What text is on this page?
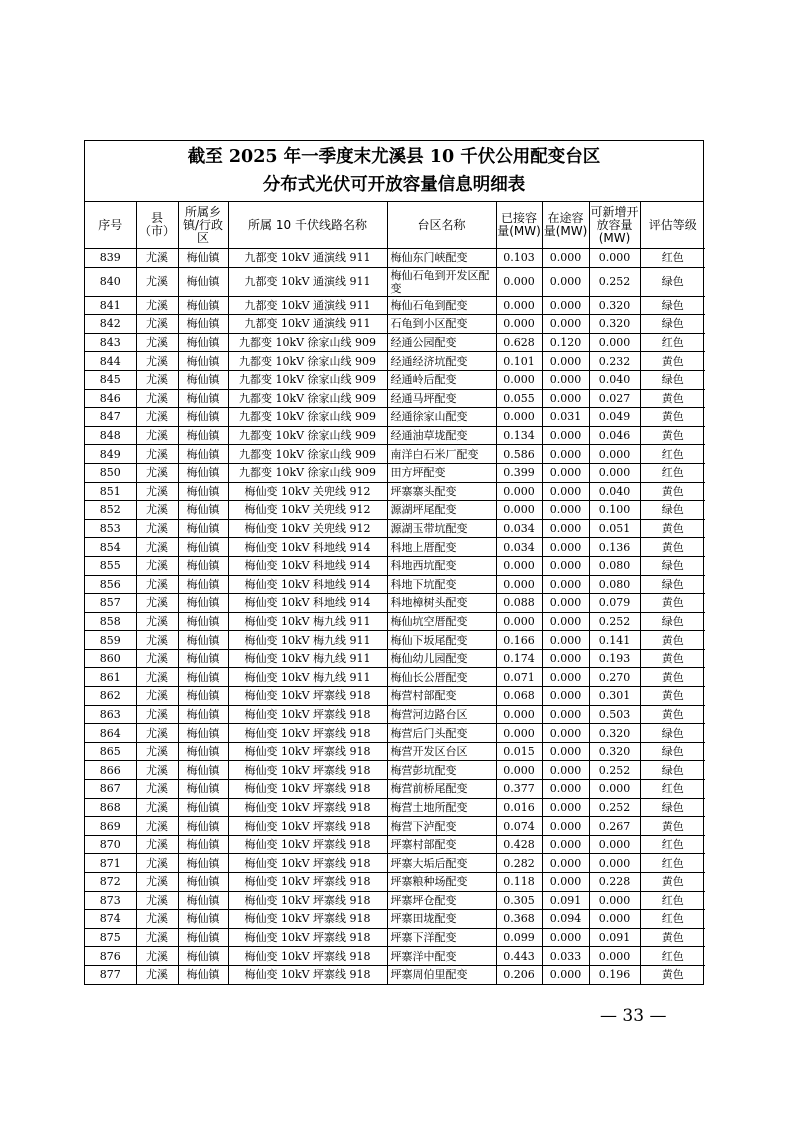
截至 2025 年一季度末尤溪县 10 千伏公用配变台区
分布式光伏可开放容量信息明细表
序号	县（市）	所属乡镇/行政区	所属 10 千伏线路名称	台区名称	已接容量(MW)	在途容量(MW)	可新增开放容量(MW)	评估等级
839	尤溪	梅仙镇	九都变 10kV 通演线 911	梅仙东门峡配变	0.103	0.000	0.000	红色
840	尤溪	梅仙镇	九都变 10kV 通演线 911	梅仙石龟到开发区配变	0.000	0.000	0.252	绿色
841	尤溪	梅仙镇	九都变 10kV 通演线 911	梅仙石龟到配变	0.000	0.000	0.320	绿色
842	尤溪	梅仙镇	九都变 10kV 通演线 911	石龟到小区配变	0.000	0.000	0.320	绿色
843	尤溪	梅仙镇	九都变 10kV 徐家山线 909	经通公园配变	0.628	0.120	0.000	红色
844	尤溪	梅仙镇	九都变 10kV 徐家山线 909	经通经济坑配变	0.101	0.000	0.232	黄色
845	尤溪	梅仙镇	九都变 10kV 徐家山线 909	经通岭后配变	0.000	0.000	0.040	绿色
846	尤溪	梅仙镇	九都变 10kV 徐家山线 909	经通马坪配变	0.055	0.000	0.027	黄色
847	尤溪	梅仙镇	九都变 10kV 徐家山线 909	经通徐家山配变	0.000	0.031	0.049	黄色
848	尤溪	梅仙镇	九都变 10kV 徐家山线 909	经通油草垅配变	0.134	0.000	0.046	黄色
849	尤溪	梅仙镇	九都变 10kV 徐家山线 909	南洋白石米厂配变	0.586	0.000	0.000	红色
850	尤溪	梅仙镇	九都变 10kV 徐家山线 909	田方坪配变	0.399	0.000	0.000	红色
851	尤溪	梅仙镇	梅仙变 10kV 关兜线 912	坪寨寨头配变	0.000	0.000	0.040	黄色
852	尤溪	梅仙镇	梅仙变 10kV 关兜线 912	源湖坪尾配变	0.000	0.000	0.100	绿色
853	尤溪	梅仙镇	梅仙变 10kV 关兜线 912	源湖玉带坑配变	0.034	0.000	0.051	黄色
854	尤溪	梅仙镇	梅仙变 10kV 科地线 914	科地上厝配变	0.034	0.000	0.136	黄色
855	尤溪	梅仙镇	梅仙变 10kV 科地线 914	科地西坑配变	0.000	0.000	0.080	绿色
856	尤溪	梅仙镇	梅仙变 10kV 科地线 914	科地下坑配变	0.000	0.000	0.080	绿色
857	尤溪	梅仙镇	梅仙变 10kV 科地线 914	科地樟树头配变	0.088	0.000	0.079	黄色
858	尤溪	梅仙镇	梅仙变 10kV 梅九线 911	梅仙坑空厝配变	0.000	0.000	0.252	绿色
859	尤溪	梅仙镇	梅仙变 10kV 梅九线 911	梅仙下坂尾配变	0.166	0.000	0.141	黄色
860	尤溪	梅仙镇	梅仙变 10kV 梅九线 911	梅仙幼儿园配变	0.174	0.000	0.193	黄色
861	尤溪	梅仙镇	梅仙变 10kV 梅九线 911	梅仙长公厝配变	0.071	0.000	0.270	黄色
862	尤溪	梅仙镇	梅仙变 10kV 坪寨线 918	梅营村部配变	0.068	0.000	0.301	黄色
863	尤溪	梅仙镇	梅仙变 10kV 坪寨线 918	梅营河边路台区	0.000	0.000	0.503	黄色
864	尤溪	梅仙镇	梅仙变 10kV 坪寨线 918	梅营后门头配变	0.000	0.000	0.320	绿色
865	尤溪	梅仙镇	梅仙变 10kV 坪寨线 918	梅营开发区台区	0.015	0.000	0.320	绿色
866	尤溪	梅仙镇	梅仙变 10kV 坪寨线 918	梅营彭坑配变	0.000	0.000	0.252	绿色
867	尤溪	梅仙镇	梅仙变 10kV 坪寨线 918	梅营前桥尾配变	0.377	0.000	0.000	红色
868	尤溪	梅仙镇	梅仙变 10kV 坪寨线 918	梅营土地所配变	0.016	0.000	0.252	绿色
869	尤溪	梅仙镇	梅仙变 10kV 坪寨线 918	梅营下泸配变	0.074	0.000	0.267	黄色
870	尤溪	梅仙镇	梅仙变 10kV 坪寨线 918	坪寨村部配变	0.428	0.000	0.000	红色
871	尤溪	梅仙镇	梅仙变 10kV 坪寨线 918	坪寨大垢后配变	0.282	0.000	0.000	红色
872	尤溪	梅仙镇	梅仙变 10kV 坪寨线 918	坪寨粮种场配变	0.118	0.000	0.228	黄色
873	尤溪	梅仙镇	梅仙变 10kV 坪寨线 918	坪寨坪仓配变	0.305	0.091	0.000	红色
874	尤溪	梅仙镇	梅仙变 10kV 坪寨线 918	坪寨田垅配变	0.368	0.094	0.000	红色
875	尤溪	梅仙镇	梅仙变 10kV 坪寨线 918	坪寨下洋配变	0.099	0.000	0.091	黄色
876	尤溪	梅仙镇	梅仙变 10kV 坪寨线 918	坪寨洋中配变	0.443	0.033	0.000	红色
877	尤溪	梅仙镇	梅仙变 10kV 坪寨线 918	坪寨周伯里配变	0.206	0.000	0.196	黄色
— 33 —
